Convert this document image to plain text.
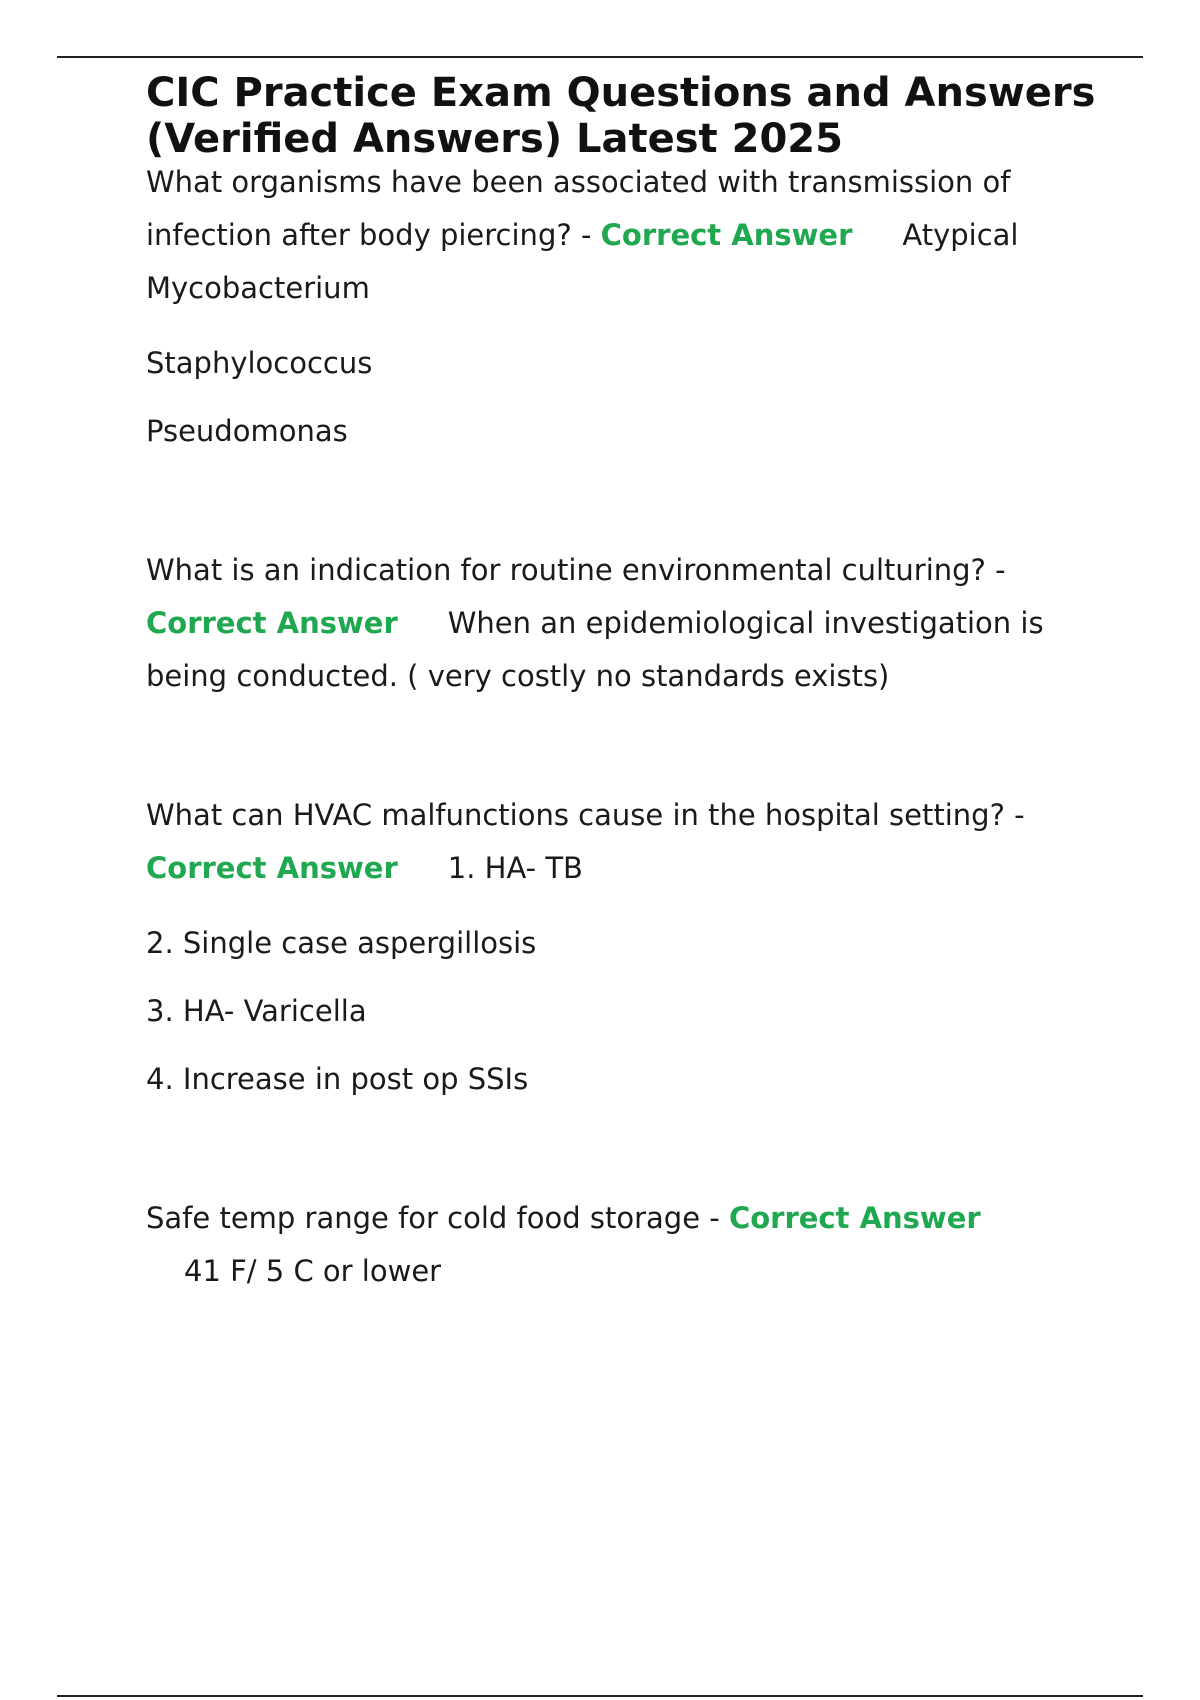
CIC Practice Exam Questions and Answers (Verified Answers) Latest 2025

What organisms have been associated with transmission of infection after body piercing? - Correct Answer Atypical Mycobacterium

Staphylococcus

Pseudomonas

What is an indication for routine environmental culturing? - Correct Answer When an epidemiological investigation is being conducted. ( very costly no standards exists)

What can HVAC malfunctions cause in the hospital setting? - Correct Answer 1. HA- TB

2. Single case aspergillosis

3. HA- Varicella

4. Increase in post op SSIs

Safe temp range for cold food storage - Correct Answer
41 F/ 5 C or lower
